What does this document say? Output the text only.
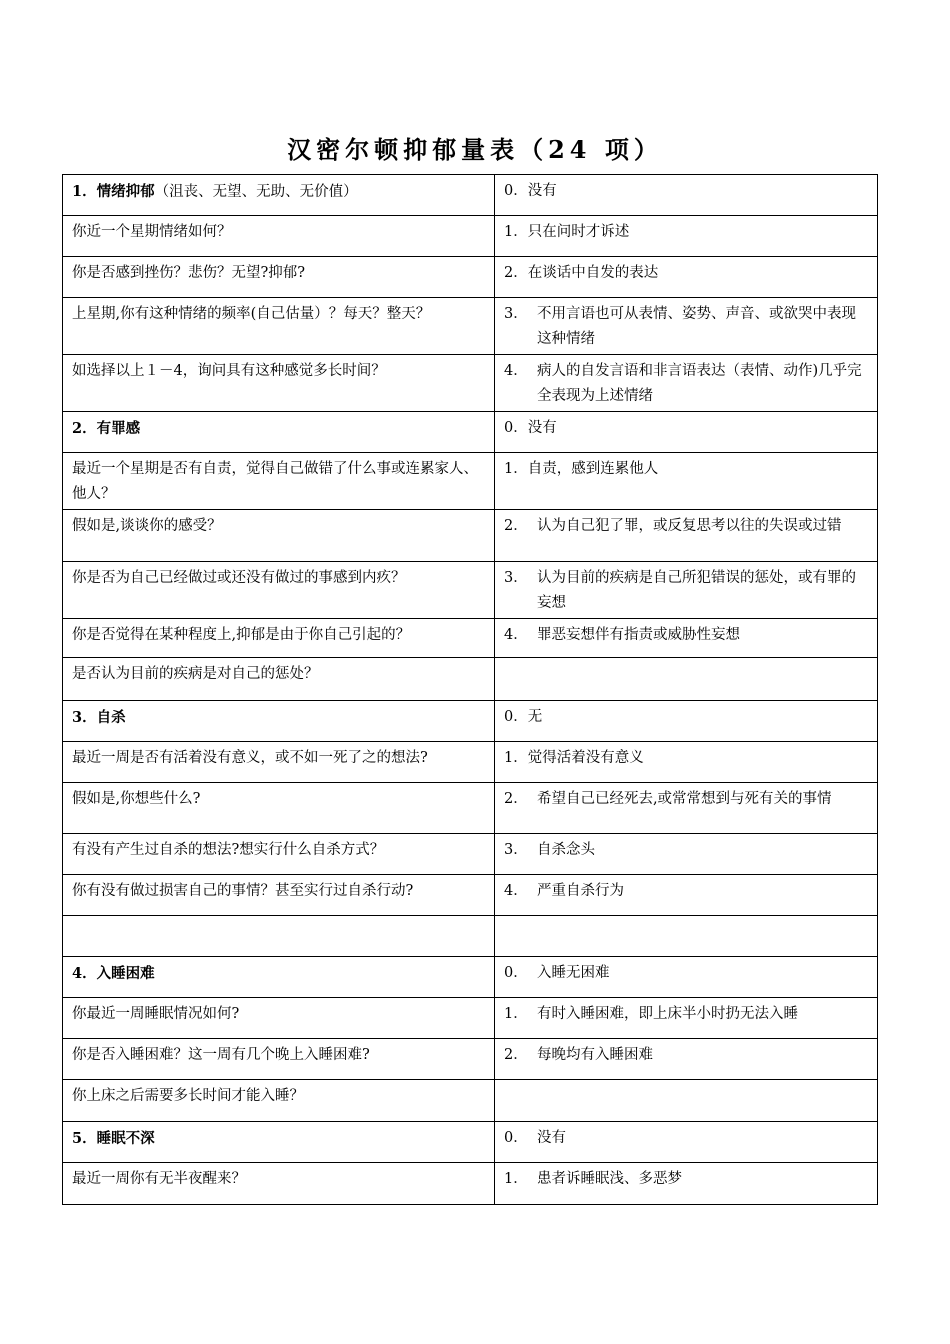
汉密尔顿抑郁量表（24 项）
1．情绪抑郁（沮丧、无望、无助、无价值）	0． 没有

你近一个星期情绪如何？	1． 只在问时才诉述

你是否感到挫伤？悲伤？无望?抑郁?	2． 在谈话中自发的表达

上星期,你有这种情绪的频率(自己估量）？每天？整天？	3． 不用言语也可从表情、姿势、声音、或欲哭中表现这种情绪

如选择以上１－4，询问具有这种感觉多长时间？	4． 病人的自发言语和非言语表达（表情、动作)几乎完全表现为上述情绪

2．有罪感	0． 没有

最近一个星期是否有自责，觉得自己做错了什么事或连累家人、他人？	1． 自责，感到连累他人

假如是,谈谈你的感受？	2． 认为自己犯了罪，或反复思考以往的失误或过错

你是否为自己已经做过或还没有做过的事感到内疚？	3． 认为目前的疾病是自己所犯错误的惩处，或有罪的妄想

你是否觉得在某种程度上,抑郁是由于你自己引起的？	4． 罪恶妄想伴有指责或威胁性妄想

是否认为目前的疾病是对自己的惩处？	

3．自杀	0． 无

最近一周是否有活着没有意义，或不如一死了之的想法?	1． 觉得活着没有意义

假如是,你想些什么?	2． 希望自己已经死去,或常常想到与死有关的事情

有没有产生过自杀的想法?想实行什么自杀方式？	3． 自杀念头

你有没有做过损害自己的事情？甚至实行过自杀行动?	4． 严重自杀行为

4．入睡困难	0． 入睡无困难

你最近一周睡眠情况如何?	1． 有时入睡困难，即上床半小时扔无法入睡

你是否入睡困难？这一周有几个晚上入睡困难?	2． 每晚均有入睡困难

你上床之后需要多长时间才能入睡？	

5．睡眠不深	0． 没有

最近一周你有无半夜醒来？	1． 患者诉睡眠浅、多恶梦
